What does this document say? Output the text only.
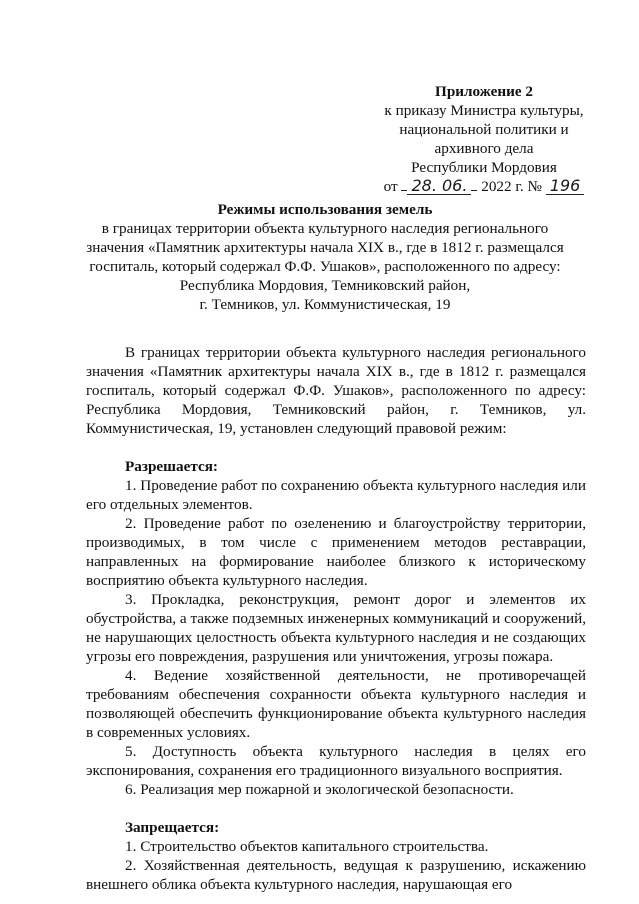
Приложение 2
к приказу Министра культуры,
национальной политики и
архивного дела
Республики Мордовия
от 28. 06. 2022 г. № 196
Режимы использования земель
в границах территории объекта культурного наследия регионального
значения «Памятник архитектуры начала XIX в., где в 1812 г. размещался
госпиталь, который содержал Ф.Ф. Ушаков», расположенного по адресу:
Республика Мордовия, Темниковский район,
г. Темников, ул. Коммунистическая, 19

В границах территории объекта культурного наследия регионального значения «Памятник архитектуры начала XIX в., где в 1812 г. размещался госпиталь, который содержал Ф.Ф. Ушаков», расположенного по адресу: Республика Мордовия, Темниковский район, г. Темников, ул. Коммунистическая, 19, установлен следующий правовой режим:

Разрешается:

1. Проведение работ по сохранению объекта культурного наследия или его отдельных элементов.

2. Проведение работ по озеленению и благоустройству территории, производимых, в том числе с применением методов реставрации, направленных на формирование наиболее близкого к историческому восприятию объекта культурного наследия.

3. Прокладка, реконструкция, ремонт дорог и элементов их обустройства, а также подземных инженерных коммуникаций и сооружений, не нарушающих целостность объекта культурного наследия и не создающих угрозы его повреждения, разрушения или уничтожения, угрозы пожара.

4. Ведение хозяйственной деятельности, не противоречащей требованиям обеспечения сохранности объекта культурного наследия и позволяющей обеспечить функционирование объекта культурного наследия в современных условиях.

5. Доступность объекта культурного наследия в целях его экспонирования, сохранения его традиционного визуального восприятия.

6. Реализация мер пожарной и экологической безопасности.

Запрещается:

1. Строительство объектов капитального строительства.

2. Хозяйственная деятельность, ведущая к разрушению, искажению внешнего облика объекта культурного наследия, нарушающая его
